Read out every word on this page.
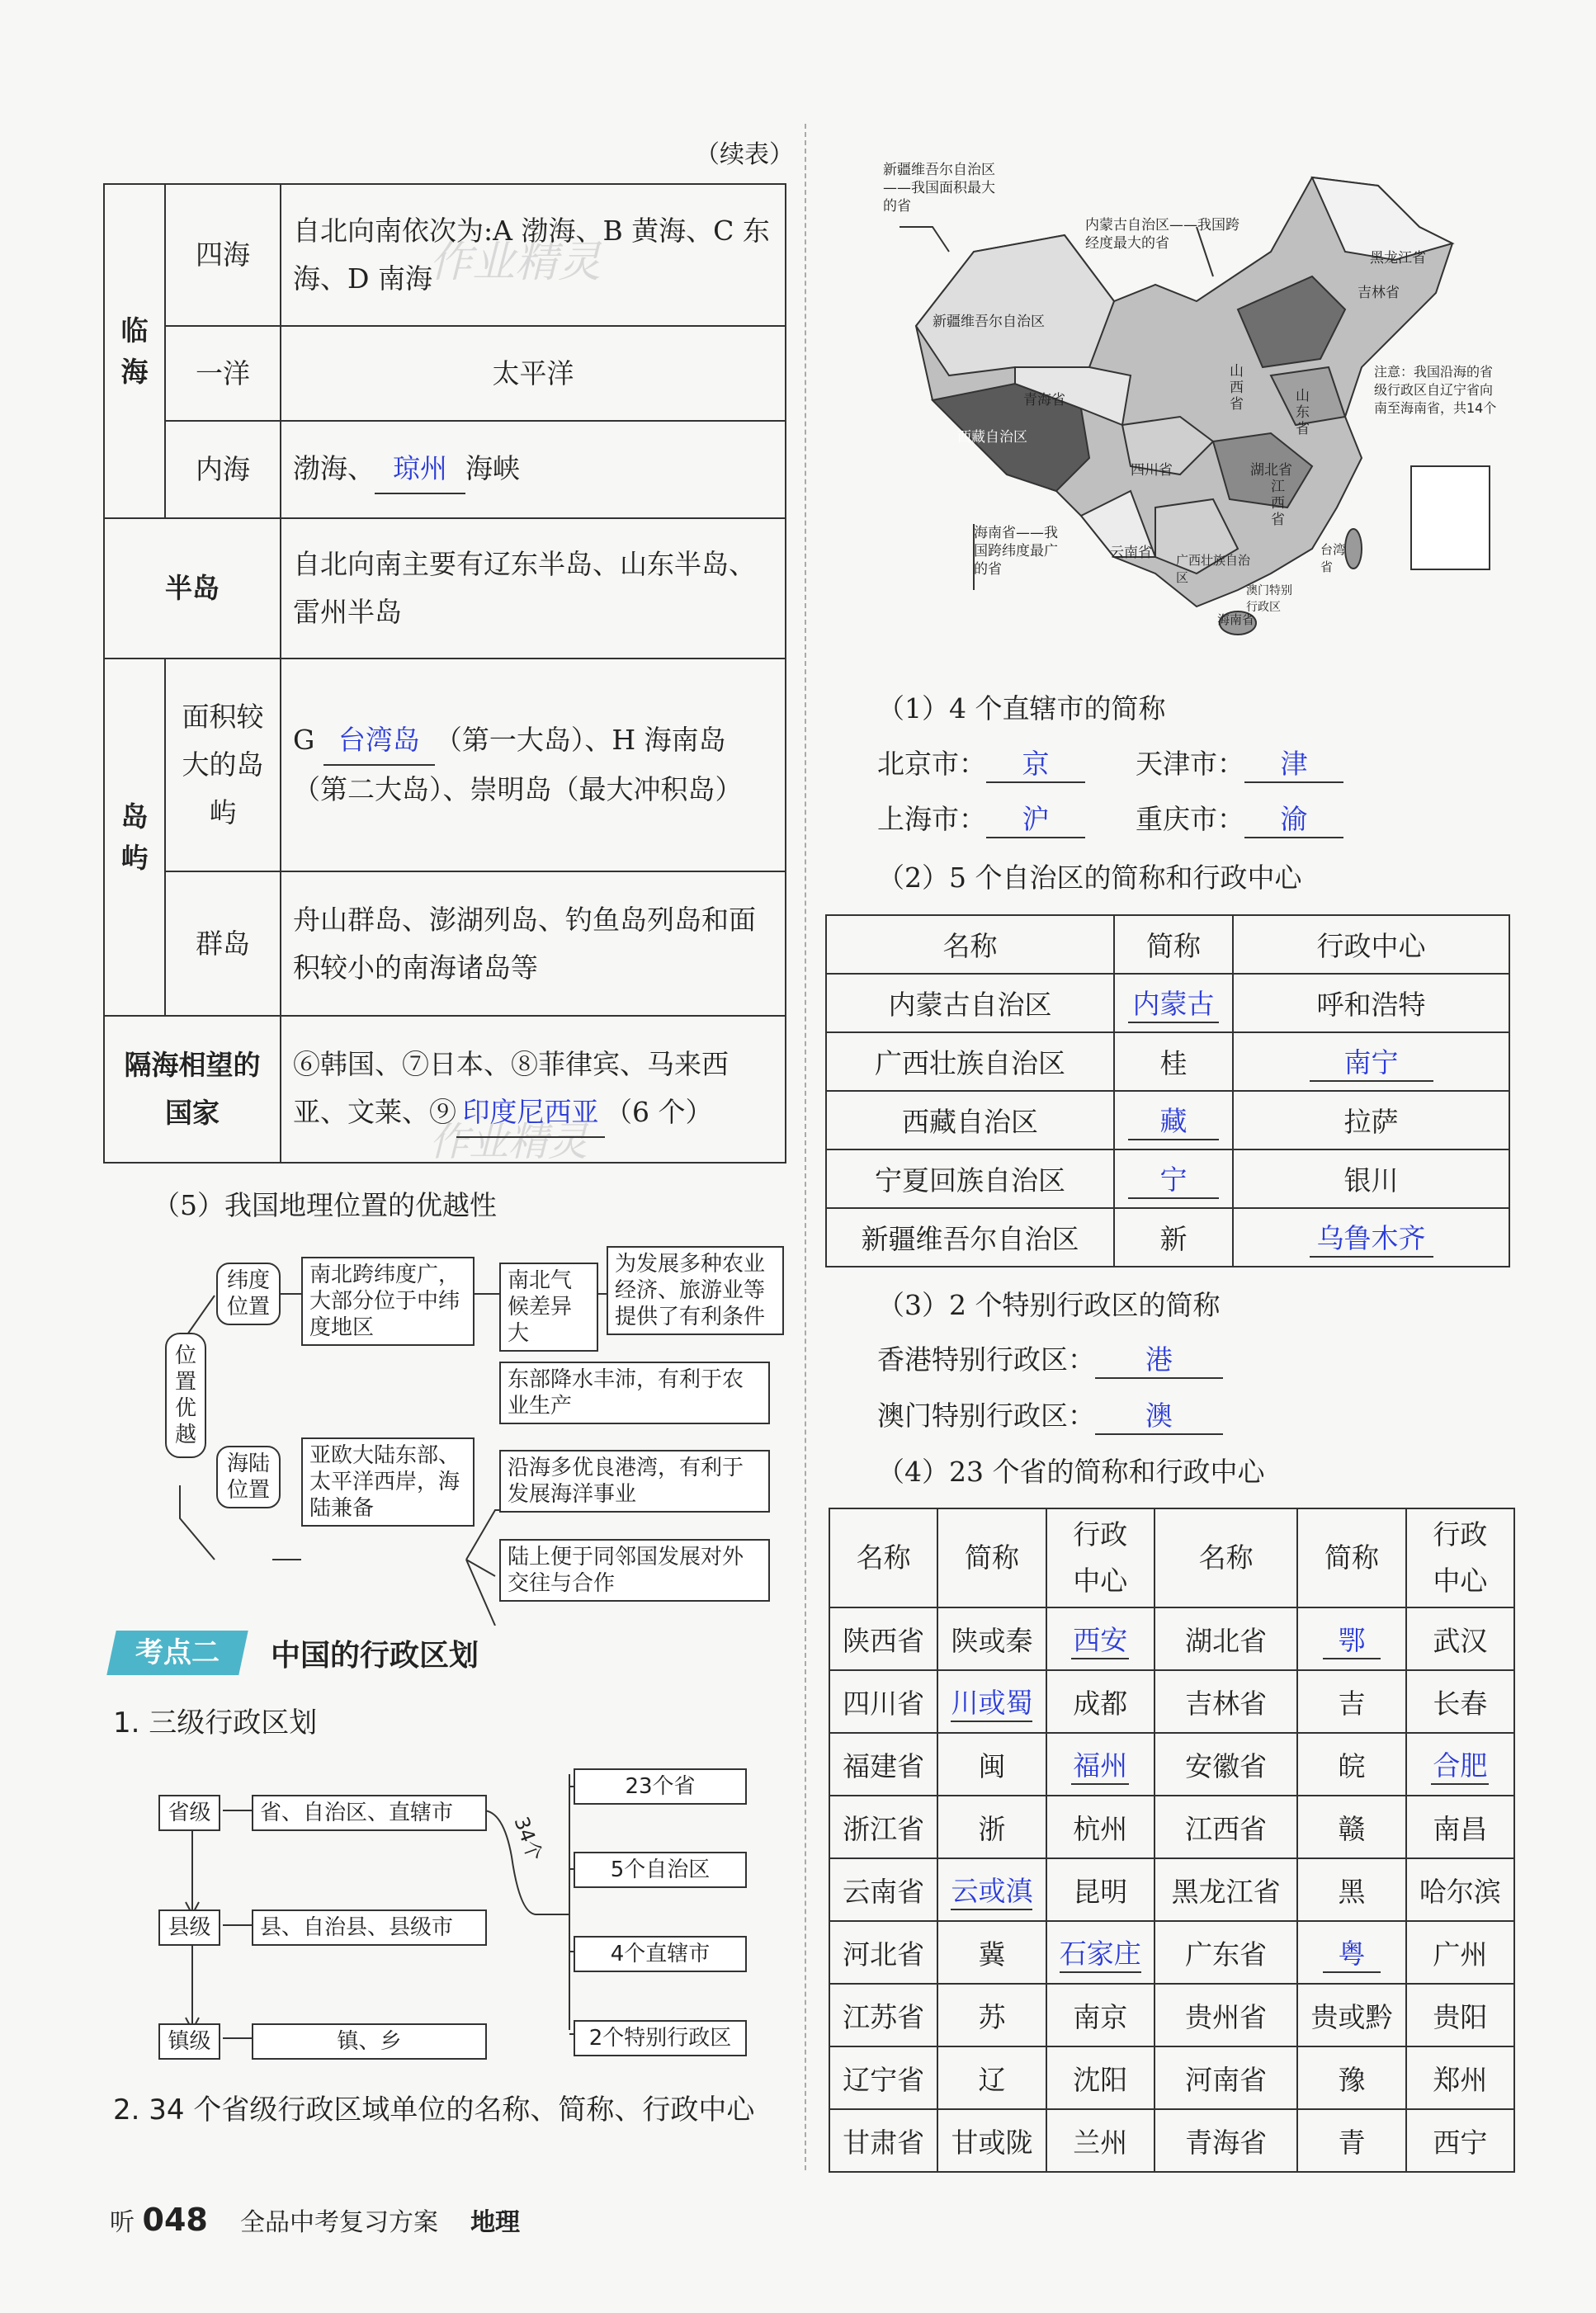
（续表）
作业精灵
作业精灵
临海	四海	自北向南依次为:A 渤海、B 黄海、C 东海、D 南海
	一洋	太平洋
	内海	渤海、 琼州 海峡
半岛		自北向南主要有辽东半岛、山东半岛、雷州半岛
岛屿	面积较大的岛屿	G 台湾岛 （第一大岛）、H 海南岛（第二大岛）、崇明岛（最大冲积岛）
	群岛	舟山群岛、澎湖列岛、钓鱼岛列岛和面积较小的南海诸岛等
隔海相望的国家		⑥韩国、⑦日本、⑧菲律宾、马来西亚、文莱、⑨ 印度尼西亚 （6 个）
（5）我国地理位置的优越性
纬度位置
南北跨纬度广，大部分位于中纬度地区
南北气候差异大
为发展多种农业经济、旅游业等提供了有利条件
位置优越
海陆位置
亚欧大陆东部、太平洋西岸，海陆兼备
东部降水丰沛，有利于农业生产
沿海多优良港湾，有利于发展海洋事业
陆上便于同邻国发展对外交往与合作
考点二	中国的行政区划
1. 三级行政区划
省级	省、自治区、直辖市
县级	县、自治县、县级市
镇级	镇、乡
34个
23个省
5个自治区
4个直辖市
2个特别行政区
2. 34 个省级行政区域单位的名称、简称、行政中心
新疆维吾尔自治区——我国面积最大的省
内蒙古自治区——我国跨经度最大的省
注意：我国沿海的省级行政区自辽宁省向南至海南省，共14个
海南省——我国跨纬度最广的省
黑龙江省
吉林省
新疆维吾尔自治区
青海省
西藏自治区
四川省	湖北省
云南省 广西壮族自治区
台湾省
山西省	山东省
江西省
海南省
澳门特别行政区
（1）4 个直辖市的简称
北京市： 京	天津市： 津
上海市： 沪	重庆市： 渝
（2）5 个自治区的简称和行政中心
名称	简称	行政中心
内蒙古自治区	内蒙古	呼和浩特
广西壮族自治区	桂	南宁
西藏自治区	藏	拉萨
宁夏回族自治区	宁	银川
新疆维吾尔自治区	新	乌鲁木齐
（3）2 个特别行政区的简称
香港特别行政区： 港
澳门特别行政区： 澳
（4）23 个省的简称和行政中心
名称	简称	行政中心	名称	简称	行政中心
陕西省	陕或秦	西安	湖北省	鄂	武汉
四川省	川或蜀	成都	吉林省	吉	长春
福建省	闽	福州	安徽省	皖	合肥
浙江省	浙	杭州	江西省	赣	南昌
云南省	云或滇	昆明	黑龙江省	黑	哈尔滨
河北省	冀	石家庄	广东省	粤	广州
江苏省	苏	南京	贵州省	贵或黔	贵阳
辽宁省	辽	沈阳	河南省	豫	郑州
甘肃省	甘或陇	兰州	青海省	青	西宁
听 048 全品中考复习方案 地理
